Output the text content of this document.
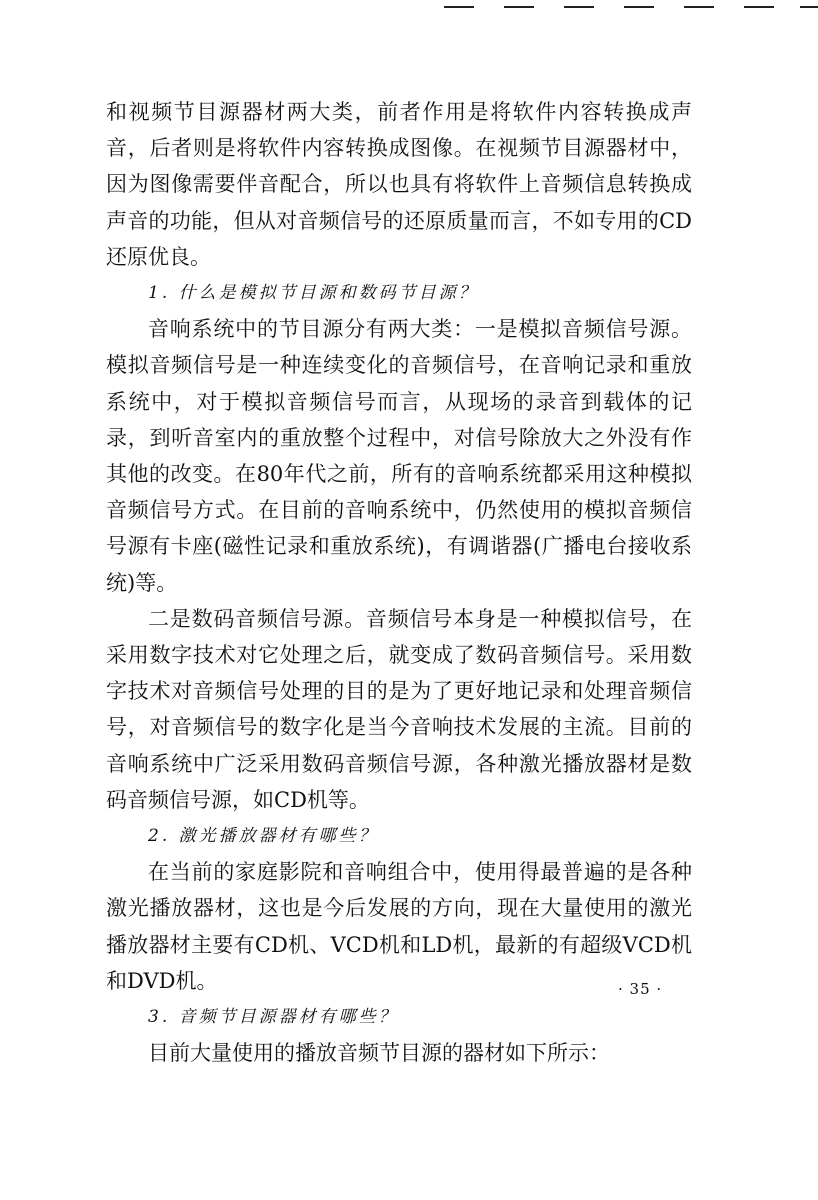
和视频节目源器材两大类，前者作用是将软件内容转换成声音，后者则是将软件内容转换成图像。在视频节目源器材中，因为图像需要伴音配合，所以也具有将软件上音频信息转换成声音的功能，但从对音频信号的还原质量而言，不如专用的CD还原优良。

1. 什么是模拟节目源和数码节目源？

音响系统中的节目源分有两大类：一是模拟音频信号源。模拟音频信号是一种连续变化的音频信号，在音响记录和重放系统中，对于模拟音频信号而言，从现场的录音到载体的记录，到听音室内的重放整个过程中，对信号除放大之外没有作其他的改变。在80年代之前，所有的音响系统都采用这种模拟音频信号方式。在目前的音响系统中，仍然使用的模拟音频信号源有卡座(磁性记录和重放系统)，有调谐器(广播电台接收系统)等。

二是数码音频信号源。音频信号本身是一种模拟信号，在采用数字技术对它处理之后，就变成了数码音频信号。采用数字技术对音频信号处理的目的是为了更好地记录和处理音频信号，对音频信号的数字化是当今音响技术发展的主流。目前的音响系统中广泛采用数码音频信号源，各种激光播放器材是数码音频信号源，如CD机等。

2. 激光播放器材有哪些？

在当前的家庭影院和音响组合中，使用得最普遍的是各种激光播放器材，这也是今后发展的方向，现在大量使用的激光播放器材主要有CD机、VCD机和LD机，最新的有超级VCD机和DVD机。

3. 音频节目源器材有哪些？

目前大量使用的播放音频节目源的器材如下所示：

· 35 ·
